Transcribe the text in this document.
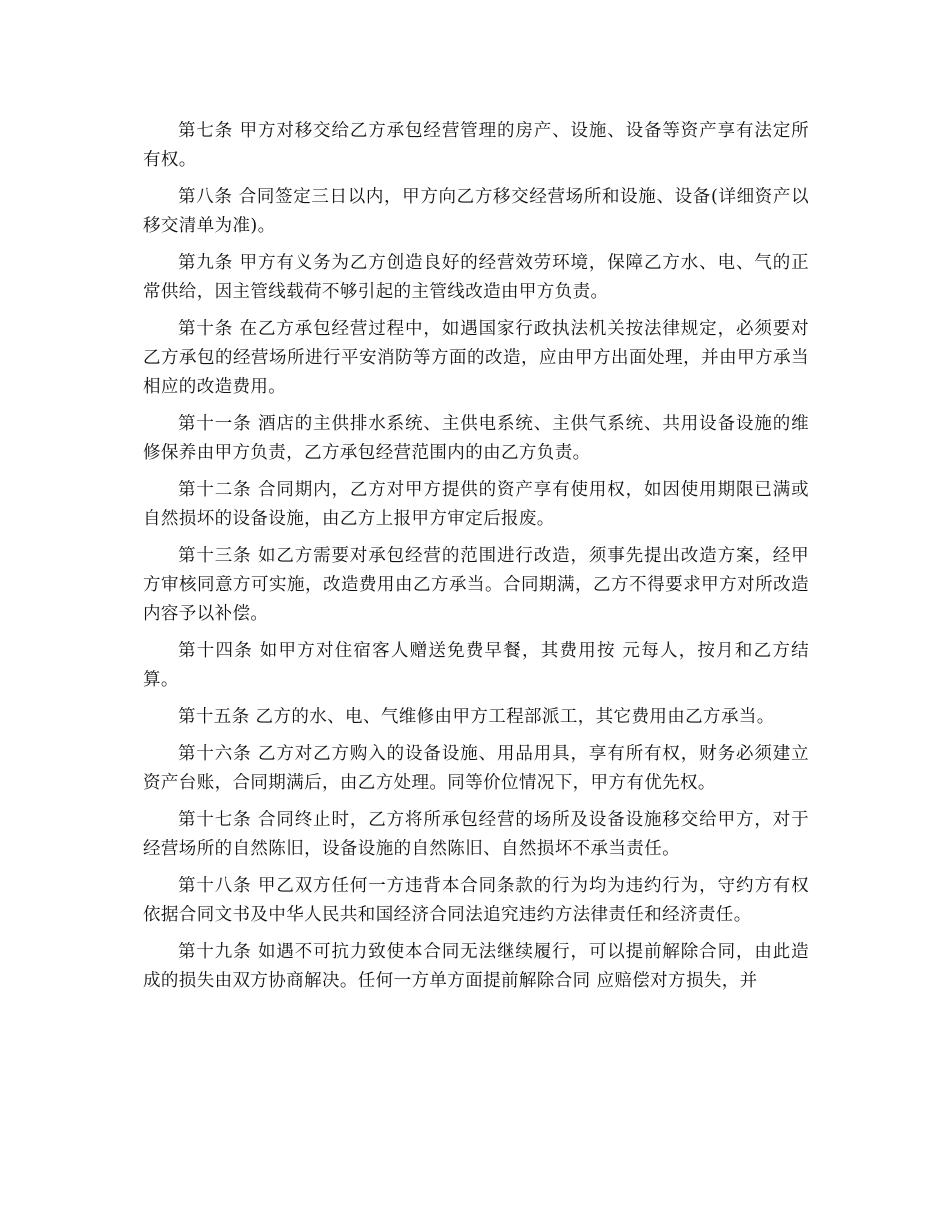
第七条 甲方对移交给乙方承包经营管理的房产、设施、设备等资产享有法定所有权。

第八条 合同签定三日以内，甲方向乙方移交经营场所和设施、设备(详细资产以移交清单为准)。

第九条 甲方有义务为乙方创造良好的经营效劳环境，保障乙方水、电、气的正常供给，因主管线载荷不够引起的主管线改造由甲方负责。

第十条 在乙方承包经营过程中，如遇国家行政执法机关按法律规定，必须要对乙方承包的经营场所进行平安消防等方面的改造，应由甲方出面处理，并由甲方承当相应的改造费用。

第十一条 酒店的主供排水系统、主供电系统、主供气系统、共用设备设施的维修保养由甲方负责，乙方承包经营范围内的由乙方负责。

第十二条 合同期内，乙方对甲方提供的资产享有使用权，如因使用期限已满或自然损坏的设备设施，由乙方上报甲方审定后报废。

第十三条 如乙方需要对承包经营的范围进行改造，须事先提出改造方案，经甲方审核同意方可实施，改造费用由乙方承当。合同期满，乙方不得要求甲方对所改造内容予以补偿。

第十四条 如甲方对住宿客人赠送免费早餐，其费用按 元每人，按月和乙方结算。

第十五条 乙方的水、电、气维修由甲方工程部派工，其它费用由乙方承当。

第十六条 乙方对乙方购入的设备设施、用品用具，享有所有权，财务必须建立资产台账，合同期满后，由乙方处理。同等价位情况下，甲方有优先权。

第十七条 合同终止时，乙方将所承包经营的场所及设备设施移交给甲方，对于经营场所的自然陈旧，设备设施的自然陈旧、自然损坏不承当责任。

第十八条 甲乙双方任何一方违背本合同条款的行为均为违约行为，守约方有权依据合同文书及中华人民共和国经济合同法追究违约方法律责任和经济责任。

第十九条 如遇不可抗力致使本合同无法继续履行，可以提前解除合同，由此造成的损失由双方协商解决。任何一方单方面提前解除合同 应赔偿对方损失，并
